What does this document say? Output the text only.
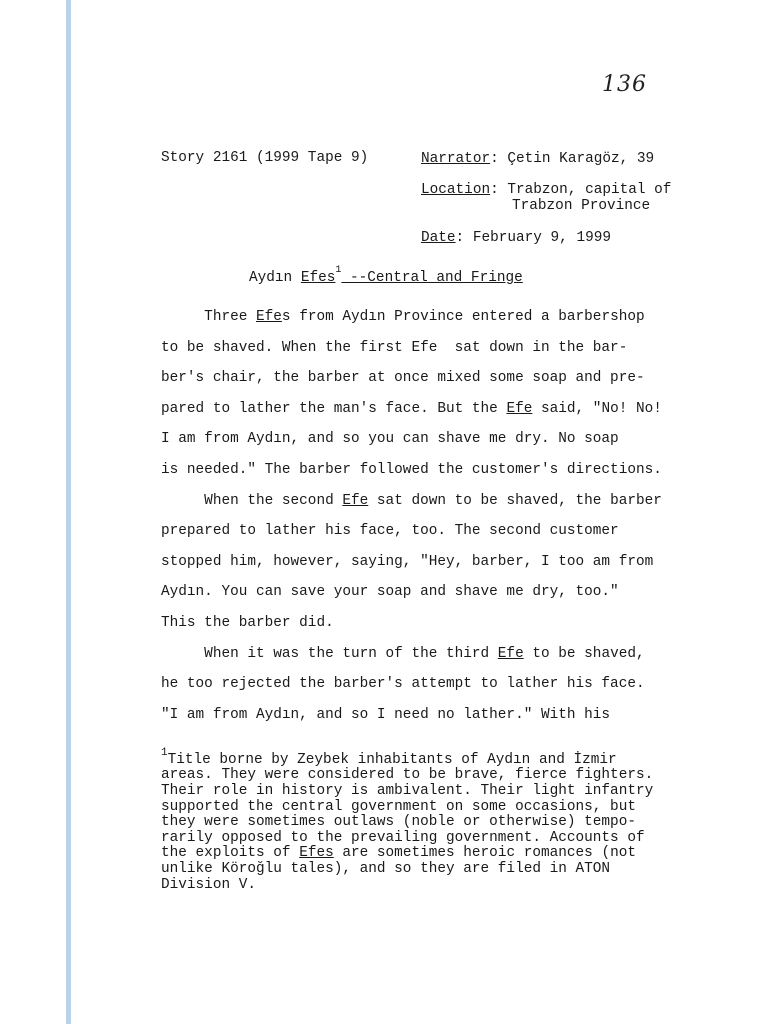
136
Story 2161 (1999 Tape 9)	Narrator: Çetin Karagöz, 39
Location: Trabzon, capital of
Trabzon Province
Date: February 9, 1999
Aydın Efes$^1$ --Central and Fringe
Three Efes from Aydın Province entered a barbershop
to be shaved. When the first Efe  sat down in the bar-
ber's chair, the barber at once mixed some soap and pre-
pared to lather the man's face. But the Efe said, "No! No!
I am from Aydın, and so you can shave me dry. No soap
is needed." The barber followed the customer's directions.
When the second Efe sat down to be shaved, the barber
prepared to lather his face, too. The second customer
stopped him, however, saying, "Hey, barber, I too am from
Aydın. You can save your soap and shave me dry, too."
This the barber did.
When it was the turn of the third Efe to be shaved,
he too rejected the barber's attempt to lather his face.
"I am from Aydın, and so I need no lather." With his
$^1$Title borne by Zeybek inhabitants of Aydın and İzmir
areas. They were considered to be brave, fierce fighters.
Their role in history is ambivalent. Their light infantry
supported the central government on some occasions, but
they were sometimes outlaws (noble or otherwise) tempo-
rarily opposed to the prevailing government. Accounts of
the exploits of Efes are sometimes heroic romances (not
unlike Köroğlu tales), and so they are filed in ATON
Division V.
